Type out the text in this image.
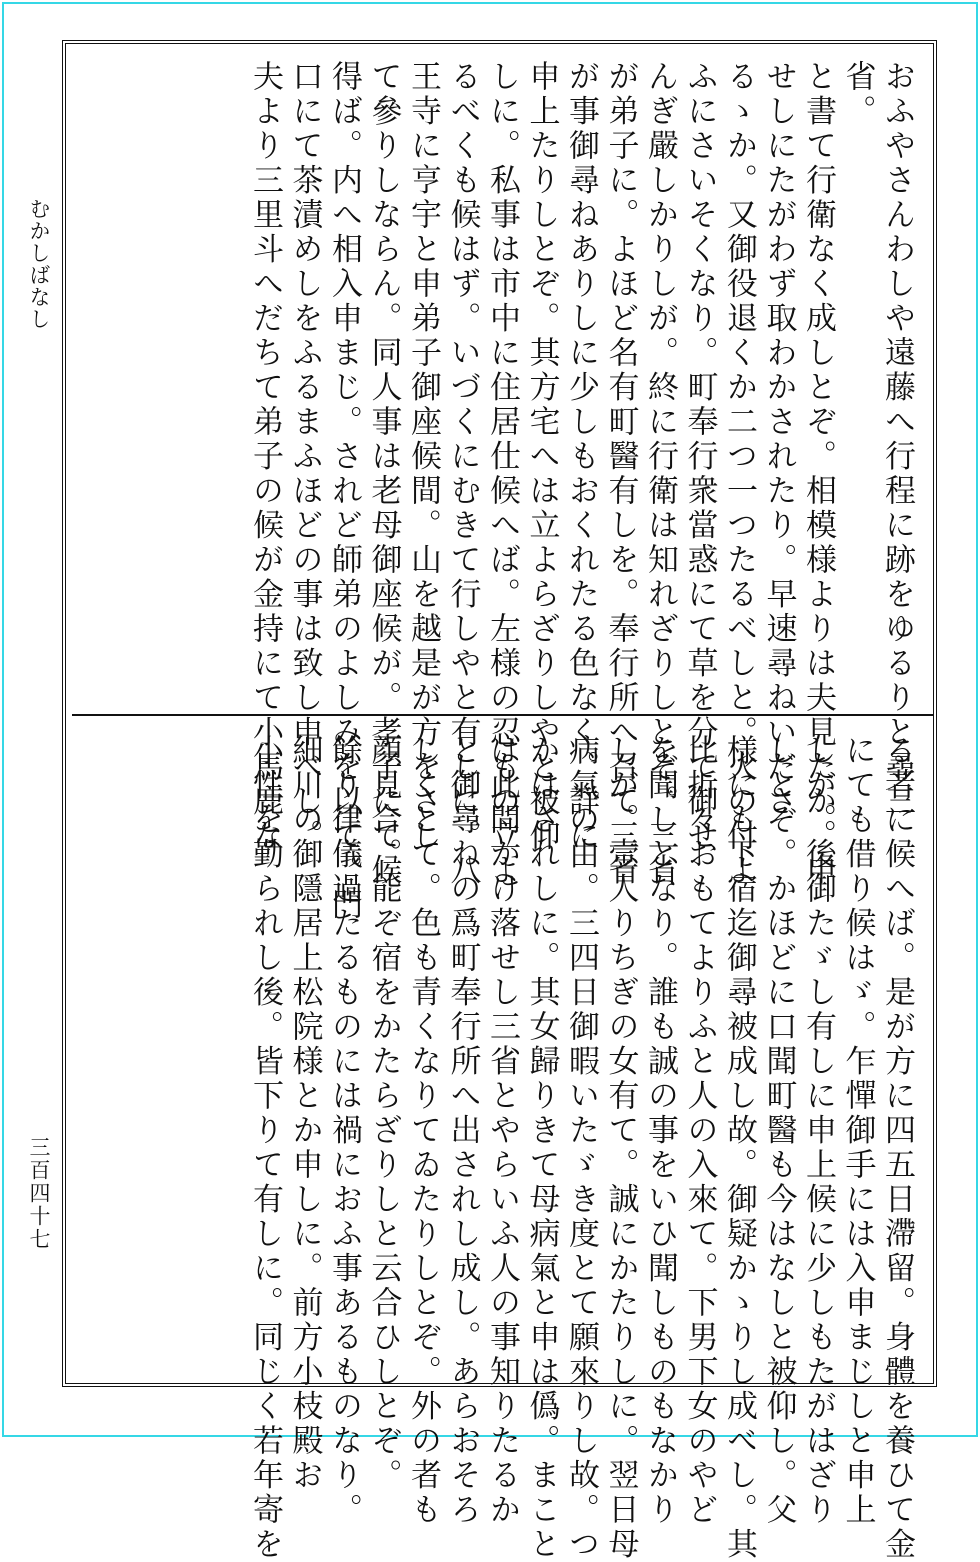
むかしばなし
三百四十七
おふやさんわしや遠藤へ行程に跡をゆるりと尋三
省。
と書て行衛なく成しとぞ。相模様よりは夫見たか。申
せしにたがわず取わかされたり。早速尋ねいださ
るゝか。又御役退くか二つ一つたるべしと。火の付よ
ふにさいそくなり。町奉行衆當惑にて草を分て御せ
んぎ嚴しかりしが。終に行衛は知れざりしとぞ。三省
が弟子に。よほど名有町醫有しを。奉行所へ召て三省
が事御尋ねありしに少しもおくれたる色なく。詳に
申上たりしとぞ。其方宅へは立よらざりしやと被仰
しに。私事は市中に住居仕候へば。左様の忍もの立よ
るべくも候はず。いづくにむきて行しやと有しに。八
王寺に亨宇と申弟子御座候間。山を越是が方をさし
て參りしならん。同人事は老母御座候が。孝子にて候
得ば。内へ相入申まじ。されど師弟のよしみを以て。門
口にて茶漬めしをふるまふほどの事は致し申べし。
夫より三里斗へだちて弟子の候が金持にて小馬鹿な
る者に候へば。是が方に四五日滯留。身體を養ひて金
にても借り候はゞ。乍憚御手には入申まじしと申上
しが。後御たゞし有しに申上候に少しもたがはざり
しとぞ。かほどに口聞町醫も今はなしと被仰し。父
様にも下宿迄御尋被成し故。御疑かゝりし成べし。其
比折々おもてよりふと人の入來て。下男下女のやど
を聞しとなり。誰も誠の事をいひ聞しものもなかり
しが。壹人りちぎの女有て。誠にかたりしに。翌日母
病氣の由。三四日御暇いたゞき度とて願來りし故。つ
かはされしに。其女歸りきて母病氣と申は僞。まこと
は此間かけ落せし三省とやらいふ人の事知りたるか
と御尋ねの爲町奉行所へ出されし成し。あらおそろ
しくとて。色も青くなりてゐたりしとぞ。外の者も
顔見合。能ぞ宿をかたらざりしと云合ひしとぞ。
餘り律儀過たるものには禍におふ事あるものなり。
細川の御隱居上松院様とか申しに。前方小枝殿お
小性を勤られし後。皆下りて有しに。同じく若年寄を
